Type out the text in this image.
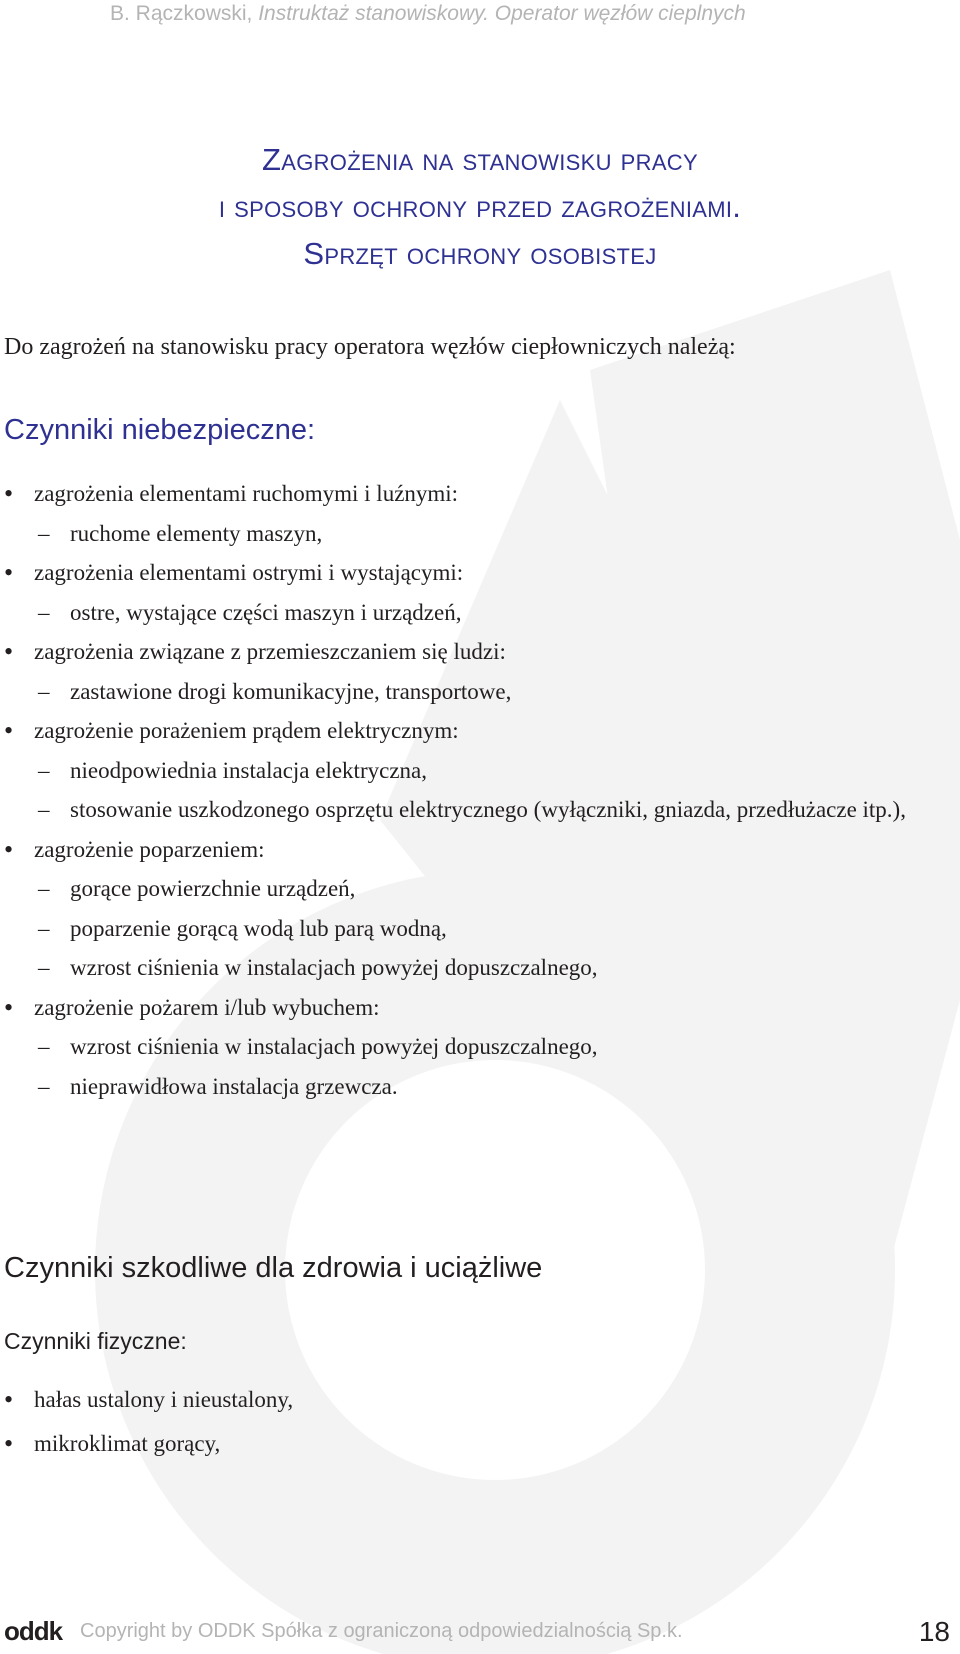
B. Rączkowski, Instruktaż stanowiskowy. Operator węzłów cieplnych
Zagrożenia na stanowisku pracy
i sposoby ochrony przed zagrożeniami.
Sprzęt ochrony osobistej
Do zagrożeń na stanowisku pracy operatora węzłów ciepłowniczych należą:
Czynniki niebezpieczne:
• zagrożenia elementami ruchomymi i luźnymi:
– ruchome elementy maszyn,
• zagrożenia elementami ostrymi i wystającymi:
– ostre, wystające części maszyn i urządzeń,
• zagrożenia związane z przemieszczaniem się ludzi:
– zastawione drogi komunikacyjne, transportowe,
• zagrożenie porażeniem prądem elektrycznym:
– nieodpowiednia instalacja elektryczna,
– stosowanie uszkodzonego osprzętu elektrycznego (wyłączniki, gniazda, przedłużacze itp.),
• zagrożenie poparzeniem:
– gorące powierzchnie urządzeń,
– poparzenie gorącą wodą lub parą wodną,
– wzrost ciśnienia w instalacjach powyżej dopuszczalnego,
• zagrożenie pożarem i/lub wybuchem:
– wzrost ciśnienia w instalacjach powyżej dopuszczalnego,
– nieprawidłowa instalacja grzewcza.
Czynniki szkodliwe dla zdrowia i uciążliwe
Czynniki fizyczne:
• hałas ustalony i nieustalony,
• mikroklimat gorący,
oddk Copyright by ODDK Spółka z ograniczoną odpowiedzialnością Sp.k.	18
